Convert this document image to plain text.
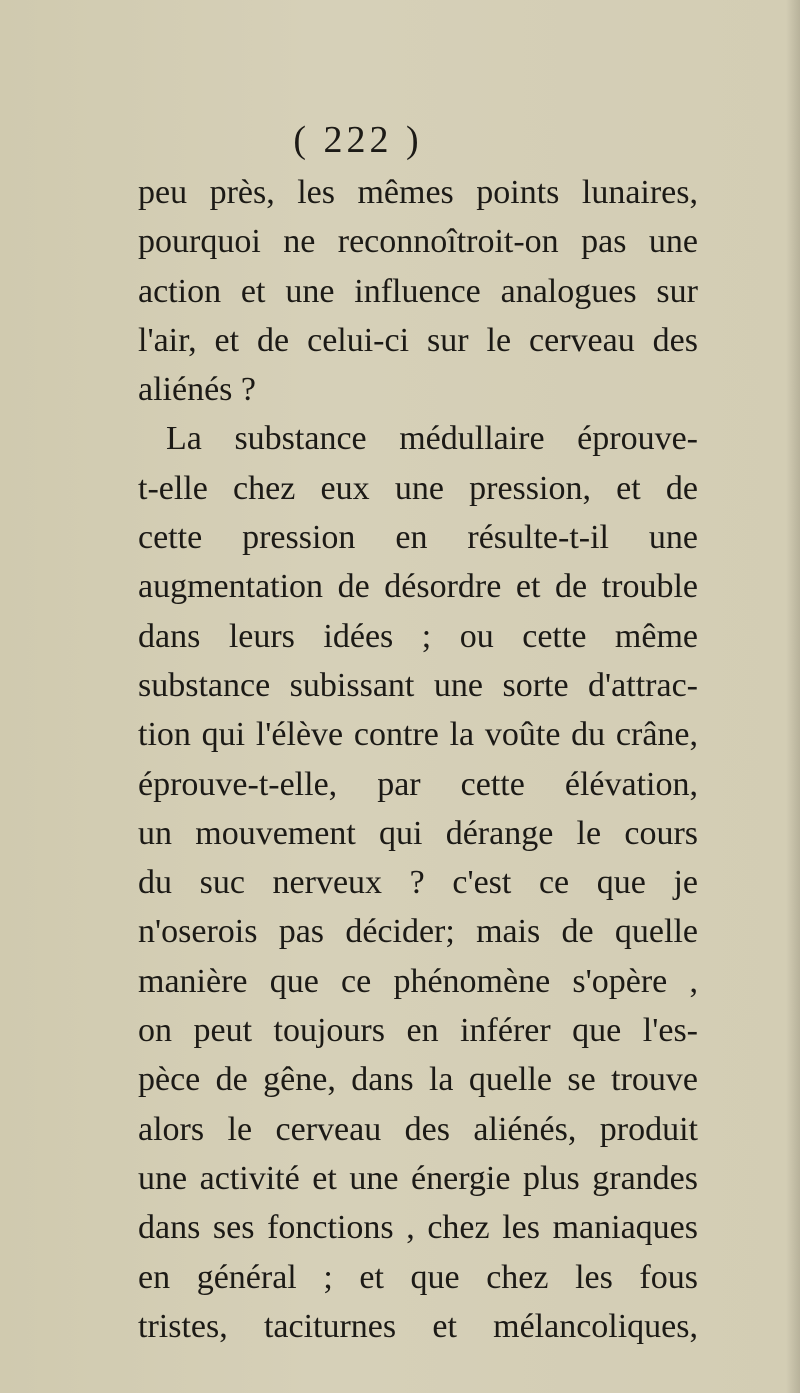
( 222 )
peu près, les mêmes points lunaires,
pourquoi ne reconnoîtroit-on pas une
action et une influence analogues sur
l'air, et de celui-ci sur le cerveau des
aliénés ?
La substance médullaire éprouve-
t-elle chez eux une pression, et de
cette pression en résulte-t-il une
augmentation de désordre et de trouble
dans leurs idées ; ou cette même
substance subissant une sorte d'attrac-
tion qui l'élève contre la voûte du crâne,
éprouve-t-elle, par cette élévation,
un mouvement qui dérange le cours
du suc nerveux ? c'est ce que je
n'oserois pas décider; mais de quelle
manière que ce phénomène s'opère ,
on peut toujours en inférer que l'es-
pèce de gêne, dans la quelle se trouve
alors le cerveau des aliénés, produit
une activité et une énergie plus grandes
dans ses fonctions , chez les maniaques
en général ; et que chez les fous
tristes, taciturnes et mélancoliques,
